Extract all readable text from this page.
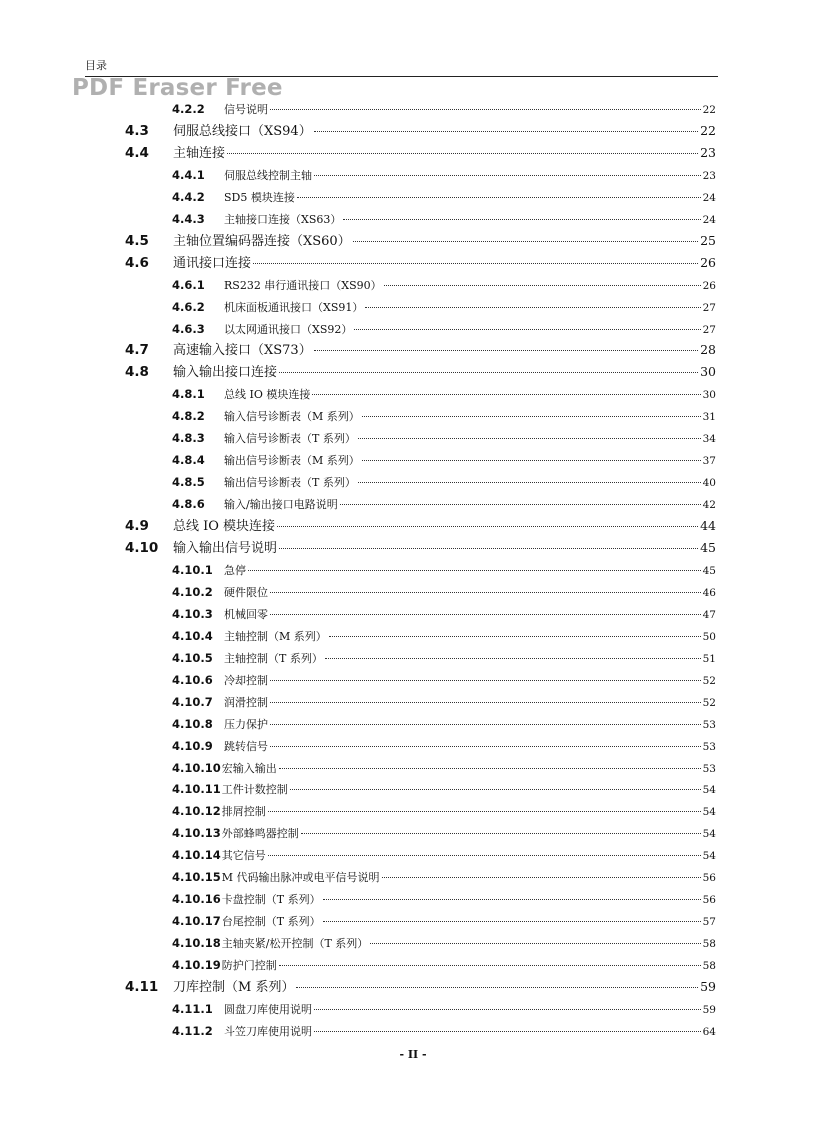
目录
PDF Eraser Free
4.2.2	信号说明	22
4.3	伺服总线接口（XS94）	22
4.4	主轴连接	23
4.4.1	伺服总线控制主轴	23
4.4.2	SD5 模块连接	24
4.4.3	主轴接口连接（XS63）	24
4.5	主轴位置编码器连接（XS60）	25
4.6	通讯接口连接	26
4.6.1	RS232 串行通讯接口（XS90）	26
4.6.2	机床面板通讯接口（XS91）	27
4.6.3	以太网通讯接口（XS92）	27
4.7	高速输入接口（XS73）	28
4.8	输入输出接口连接	30
4.8.1	总线 IO 模块连接	30
4.8.2	输入信号诊断表（M 系列）	31
4.8.3	输入信号诊断表（T 系列）	34
4.8.4	输出信号诊断表（M 系列）	37
4.8.5	输出信号诊断表（T 系列）	40
4.8.6	输入/输出接口电路说明	42
4.9	总线 IO 模块连接	44
4.10	输入输出信号说明	45
4.10.1	急停	45
4.10.2	硬件限位	46
4.10.3	机械回零	47
4.10.4	主轴控制（M 系列）	50
4.10.5	主轴控制（T 系列）	51
4.10.6	冷却控制	52
4.10.7	润滑控制	52
4.10.8	压力保护	53
4.10.9	跳转信号	53
4.10.10 宏输入输出	53
4.10.11 工件计数控制	54
4.10.12 排屑控制	54
4.10.13 外部蜂鸣器控制	54
4.10.14 其它信号	54
4.10.15 M 代码输出脉冲或电平信号说明	56
4.10.16 卡盘控制（T 系列）	56
4.10.17 台尾控制（T 系列）	57
4.10.18 主轴夹紧/松开控制（T 系列）	58
4.10.19 防护门控制	58
4.11	刀库控制（M 系列）	59
4.11.1	圆盘刀库使用说明	59
4.11.2	斗笠刀库使用说明	64
- II -
